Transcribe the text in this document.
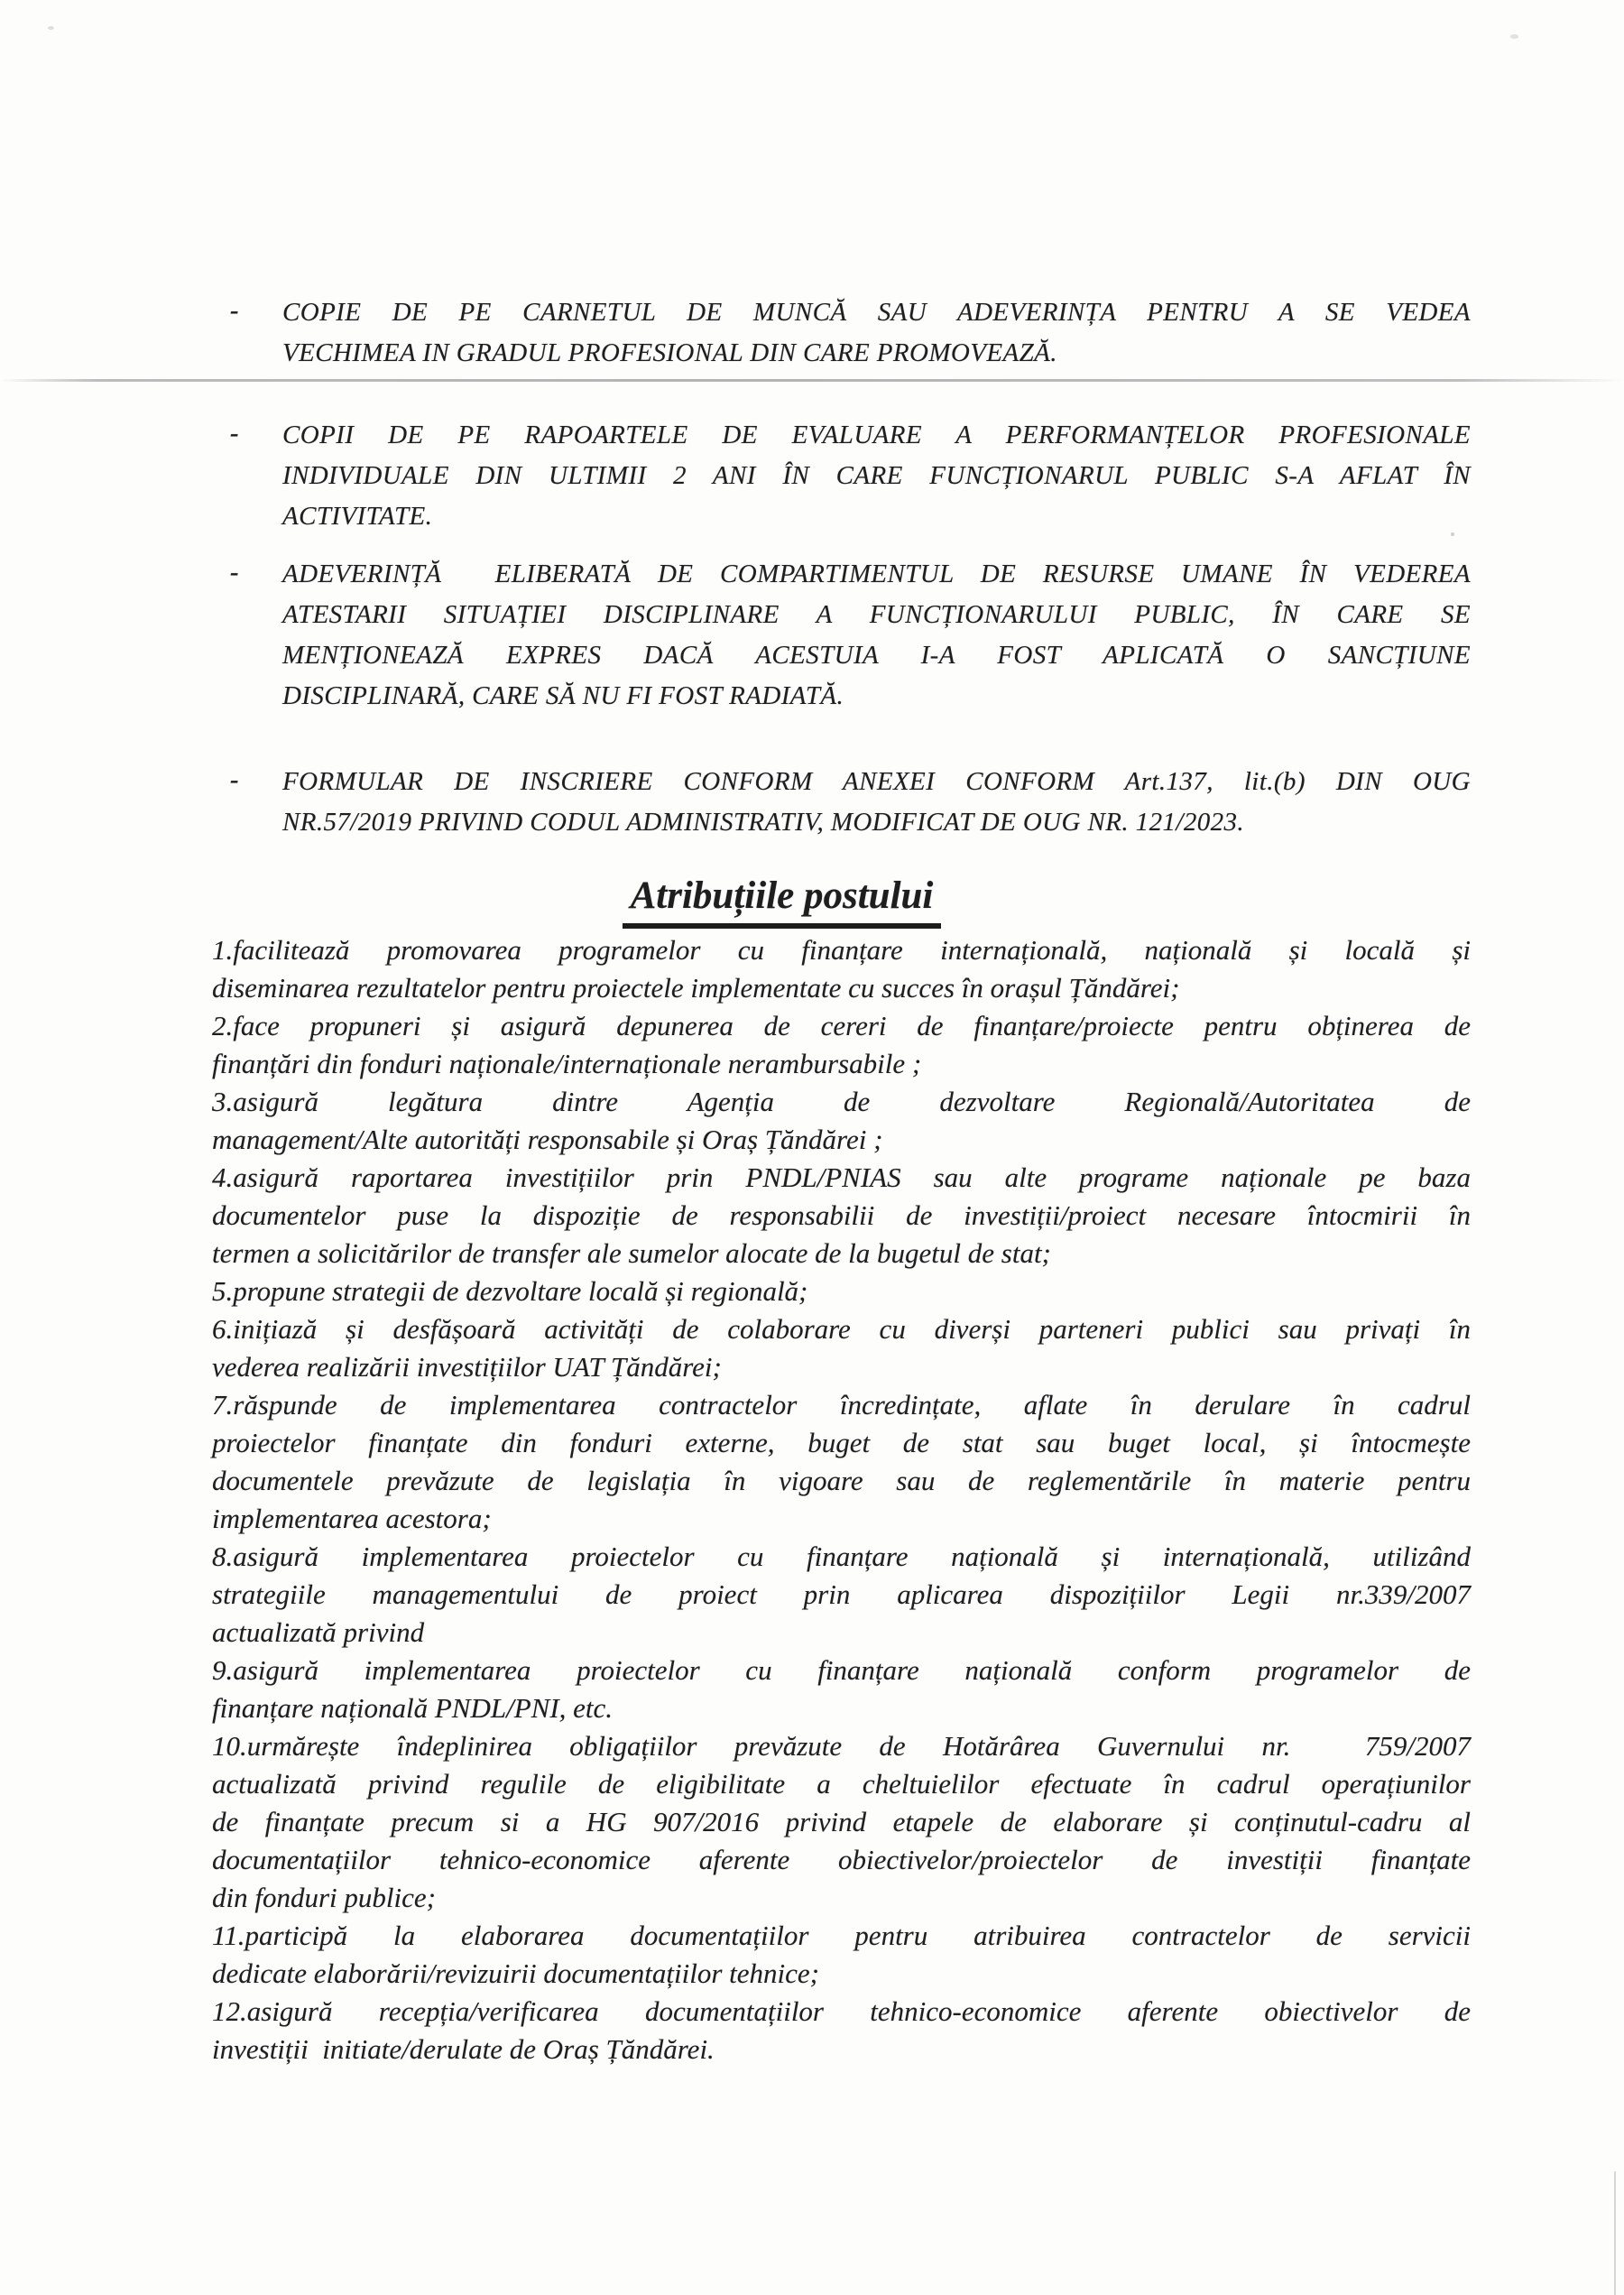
- COPIE DE PE CARNETUL DE MUNCĂ SAU ADEVERINȚA PENTRU A SE VEDEA
VECHIMEA IN GRADUL PROFESIONAL DIN CARE PROMOVEAZĂ.
- COPII DE PE RAPOARTELE DE EVALUARE A PERFORMANȚELOR PROFESIONALE
INDIVIDUALE DIN ULTIMII 2 ANI ÎN CARE FUNCȚIONARUL PUBLIC S-A AFLAT ÎN
ACTIVITATE.
- ADEVERINȚĂ  ELIBERATĂ DE COMPARTIMENTUL DE RESURSE UMANE ÎN VEDEREA
ATESTARII SITUAȚIEI DISCIPLINARE A FUNCȚIONARULUI PUBLIC, ÎN CARE SE
MENȚIONEAZĂ EXPRES DACĂ ACESTUIA I-A FOST APLICATĂ O SANCȚIUNE
DISCIPLINARĂ, CARE SĂ NU FI FOST RADIATĂ.
- FORMULAR DE INSCRIERE CONFORM ANEXEI CONFORM Art.137, lit.(b) DIN OUG
NR.57/2019 PRIVIND CODUL ADMINISTRATIV, MODIFICAT DE OUG NR. 121/2023.
Atribuțiile postului
1.facilitează promovarea programelor cu finanțare internațională, națională și locală și
diseminarea rezultatelor pentru proiectele implementate cu succes în orașul Țăndărei;
2.face propuneri și asigură depunerea de cereri de finanțare/proiecte pentru obținerea de
finanțări din fonduri naționale/internaționale nerambursabile ;
3.asigură legătura dintre Agenția de dezvoltare Regională/Autoritatea de
management/Alte autorități responsabile și Oraș Țăndărei ;
4.asigură raportarea investițiilor prin PNDL/PNIAS sau alte programe naționale pe baza
documentelor puse la dispoziție de responsabilii de investiții/proiect necesare întocmirii în
termen a solicitărilor de transfer ale sumelor alocate de la bugetul de stat;
5.propune strategii de dezvoltare locală și regională;
6.inițiază și desfășoară activități de colaborare cu diverși parteneri publici sau privați în
vederea realizării investițiilor UAT Țăndărei;
7.răspunde de implementarea contractelor încredințate, aflate în derulare în cadrul
proiectelor finanțate din fonduri externe, buget de stat sau buget local, și întocmește
documentele prevăzute de legislația în vigoare sau de reglementările în materie pentru
implementarea acestora;
8.asigură implementarea proiectelor cu finanțare națională și internațională, utilizând
strategiile managementului de proiect prin aplicarea dispozițiilor Legii nr.339/2007
actualizată privind
9.asigură implementarea proiectelor cu finanțare națională conform programelor de
finanțare națională PNDL/PNI, etc.
10.urmărește îndeplinirea obligațiilor prevăzute de Hotărârea Guvernului nr.  759/2007
actualizată privind regulile de eligibilitate a cheltuielilor efectuate în cadrul operațiunilor
de finanțate precum si a HG 907/2016 privind etapele de elaborare și conținutul-cadru al
documentațiilor tehnico-economice aferente obiectivelor/proiectelor de investiții finanțate
din fonduri publice;
11.participă la elaborarea documentațiilor pentru atribuirea contractelor de servicii
dedicate elaborării/revizuirii documentațiilor tehnice;
12.asigură recepția/verificarea documentațiilor tehnico-economice aferente obiectivelor de
investiții  initiate/derulate de Oraș Țăndărei.
